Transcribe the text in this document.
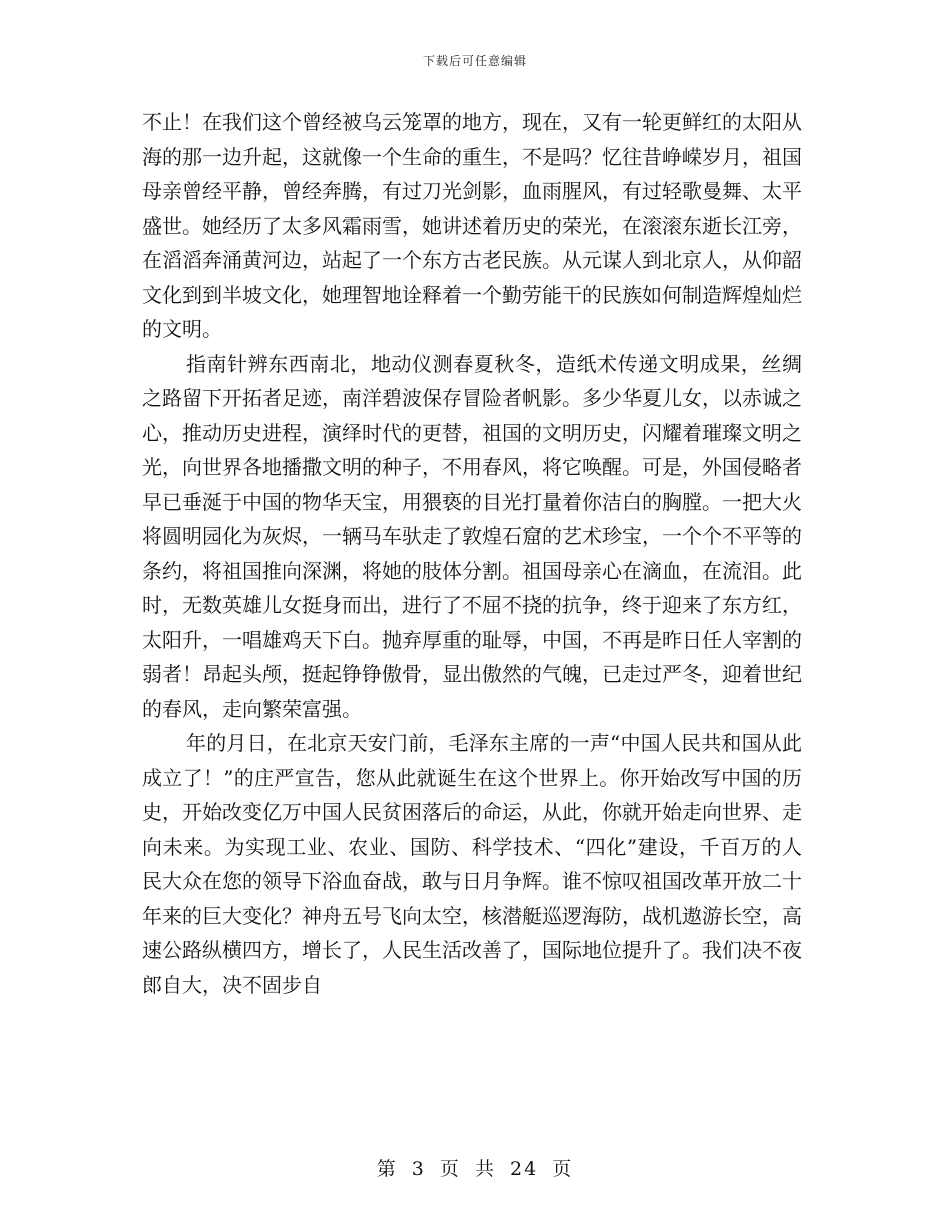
下载后可任意编辑

不止！在我们这个曾经被乌云笼罩的地方，现在，又有一轮更鲜红的太阳从海的那一边升起，这就像一个生命的重生，不是吗？忆往昔峥嵘岁月，祖国母亲曾经平静，曾经奔腾，有过刀光剑影，血雨腥风，有过轻歌曼舞、太平盛世。她经历了太多风霜雨雪，她讲述着历史的荣光，在滚滚东逝长江旁，在滔滔奔涌黄河边，站起了一个东方古老民族。从元谋人到北京人，从仰韶文化到到半坡文化，她理智地诠释着一个勤劳能干的民族如何制造辉煌灿烂的文明。

指南针辨东西南北，地动仪测春夏秋冬，造纸术传递文明成果，丝绸之路留下开拓者足迹，南洋碧波保存冒险者帆影。多少华夏儿女，以赤诚之心，推动历史进程，演绎时代的更替，祖国的文明历史，闪耀着璀璨文明之光，向世界各地播撒文明的种子，不用春风，将它唤醒。可是，外国侵略者早已垂涎于中国的物华天宝，用猥亵的目光打量着你洁白的胸膛。一把大火将圆明园化为灰烬，一辆马车驮走了敦煌石窟的艺术珍宝，一个个不平等的条约，将祖国推向深渊，将她的肢体分割。祖国母亲心在滴血，在流泪。此时，无数英雄儿女挺身而出，进行了不屈不挠的抗争，终于迎来了东方红，太阳升，一唱雄鸡天下白。抛弃厚重的耻辱，中国，不再是昨日任人宰割的弱者！昂起头颅，挺起铮铮傲骨，显出傲然的气魄，已走过严冬，迎着世纪的春风，走向繁荣富强。

年的月日，在北京天安门前，毛泽东主席的一声“中国人民共和国从此成立了！”的庄严宣告，您从此就诞生在这个世界上。你开始改写中国的历史，开始改变亿万中国人民贫困落后的命运，从此，你就开始走向世界、走向未来。为实现工业、农业、国防、科学技术、“四化”建设，千百万的人民大众在您的领导下浴血奋战，敢与日月争辉。谁不惊叹祖国改革开放二十年来的巨大变化？神舟五号飞向太空，核潜艇巡逻海防，战机遨游长空，高速公路纵横四方，增长了，人民生活改善了，国际地位提升了。我们决不夜郎自大，决不固步自

第 3 页 共 24 页
